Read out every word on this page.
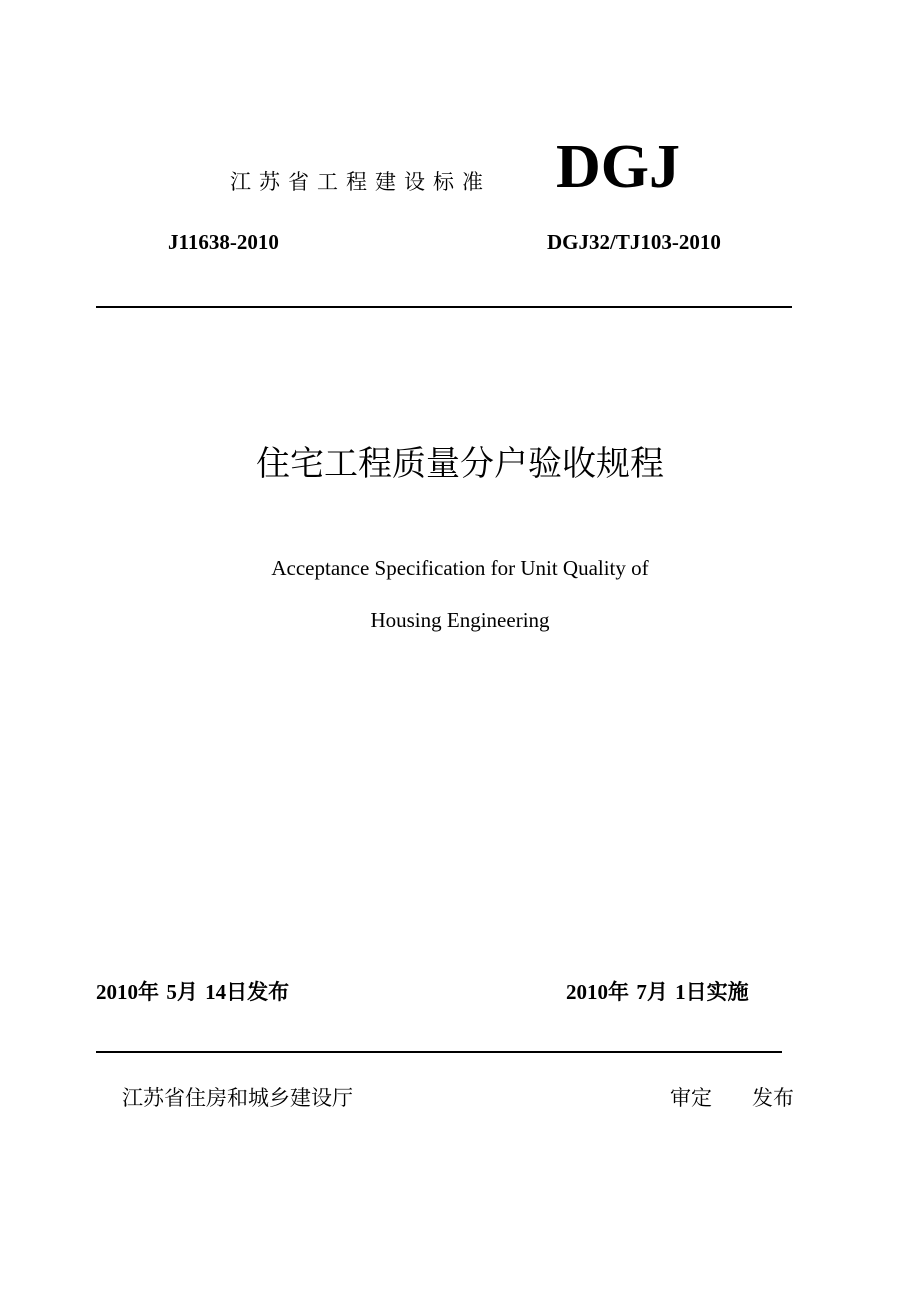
江苏省工程建设标准 DGJ
J11638-2010	DGJ32/TJ103-2010
住宅工程质量分户验收规程
Acceptance Specification for Unit Quality of
Housing Engineering
2010年 5月 14日发布	2010年 7月 1日实施
江苏省住房和城乡建设厅	审定 发布
